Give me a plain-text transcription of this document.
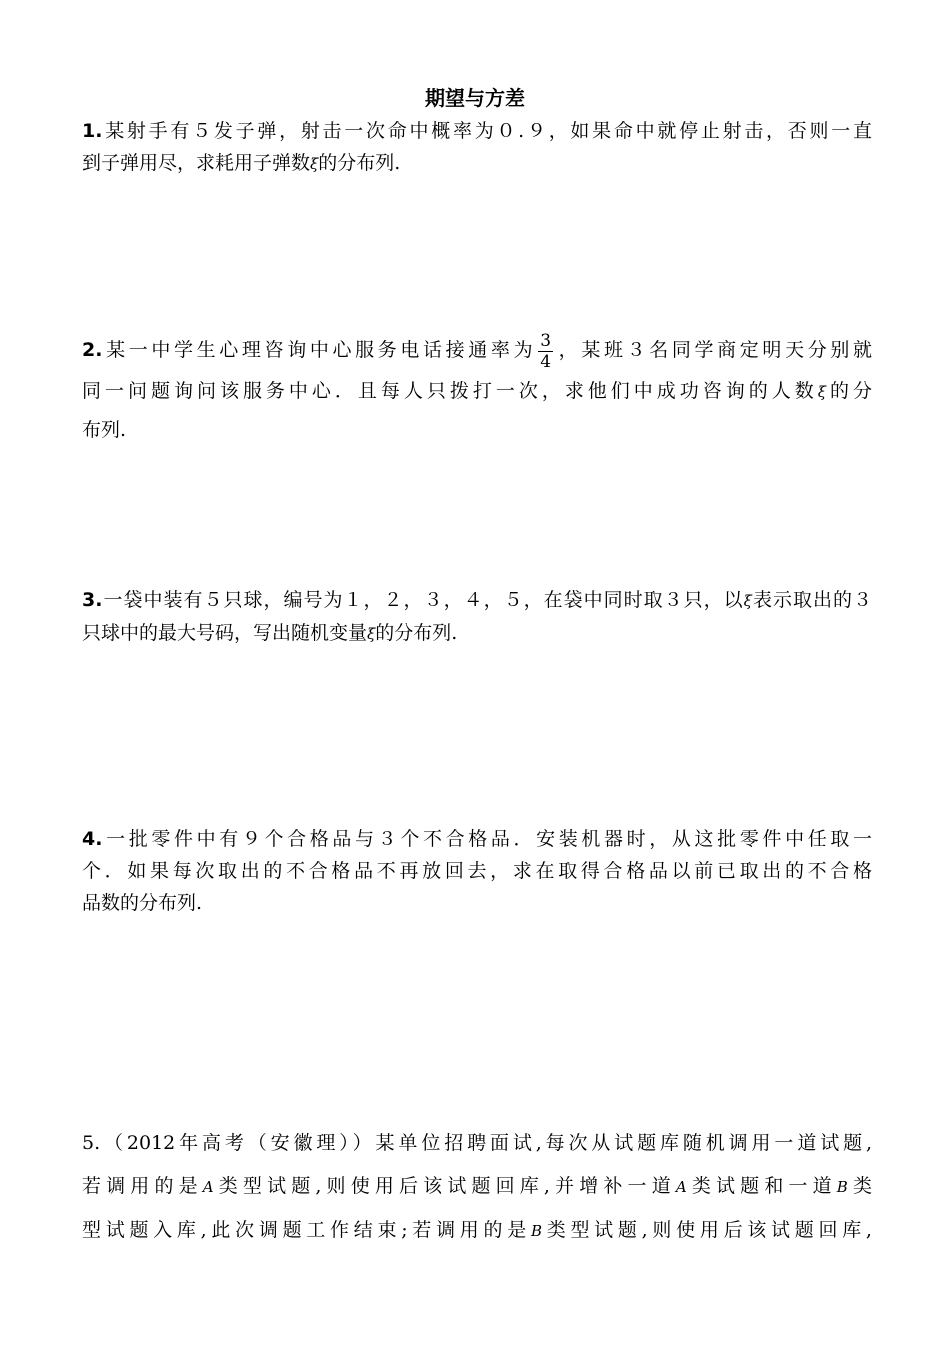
期望与方差
1.某射手有５发子弹，射击一次命中概率为０.９，如果命中就停止射击，否则一直
到子弹用尽，求耗用子弹数ξ的分布列.
2.某一中学生心理咨询中心服务电话接通率为 $\frac{3}{4}$ ，某班３名同学商定明天分别就
同一问题询问该服务中心．且每人只拨打一次，求他们中成功咨询的人数ξ的分
布列.
3.一袋中装有５只球，编号为１，２，３，４，５，在袋中同时取３只，以ξ表示取出的３
只球中的最大号码，写出随机变量ξ的分布列.
4.一批零件中有９个合格品与３个不合格品．安装机器时，从这批零件中任取一
个．如果每次取出的不合格品不再放回去，求在取得合格品以前已取出的不合格
品数的分布列.
5.（2012年高考（安徽理））某单位招聘面试,每次从试题库随机调用一道试题,
若调用的是A类型试题,则使用后该试题回库,并增补一道A类试题和一道B类
型试题入库,此次调题工作结束;若调用的是B类型试题,则使用后该试题回库,
